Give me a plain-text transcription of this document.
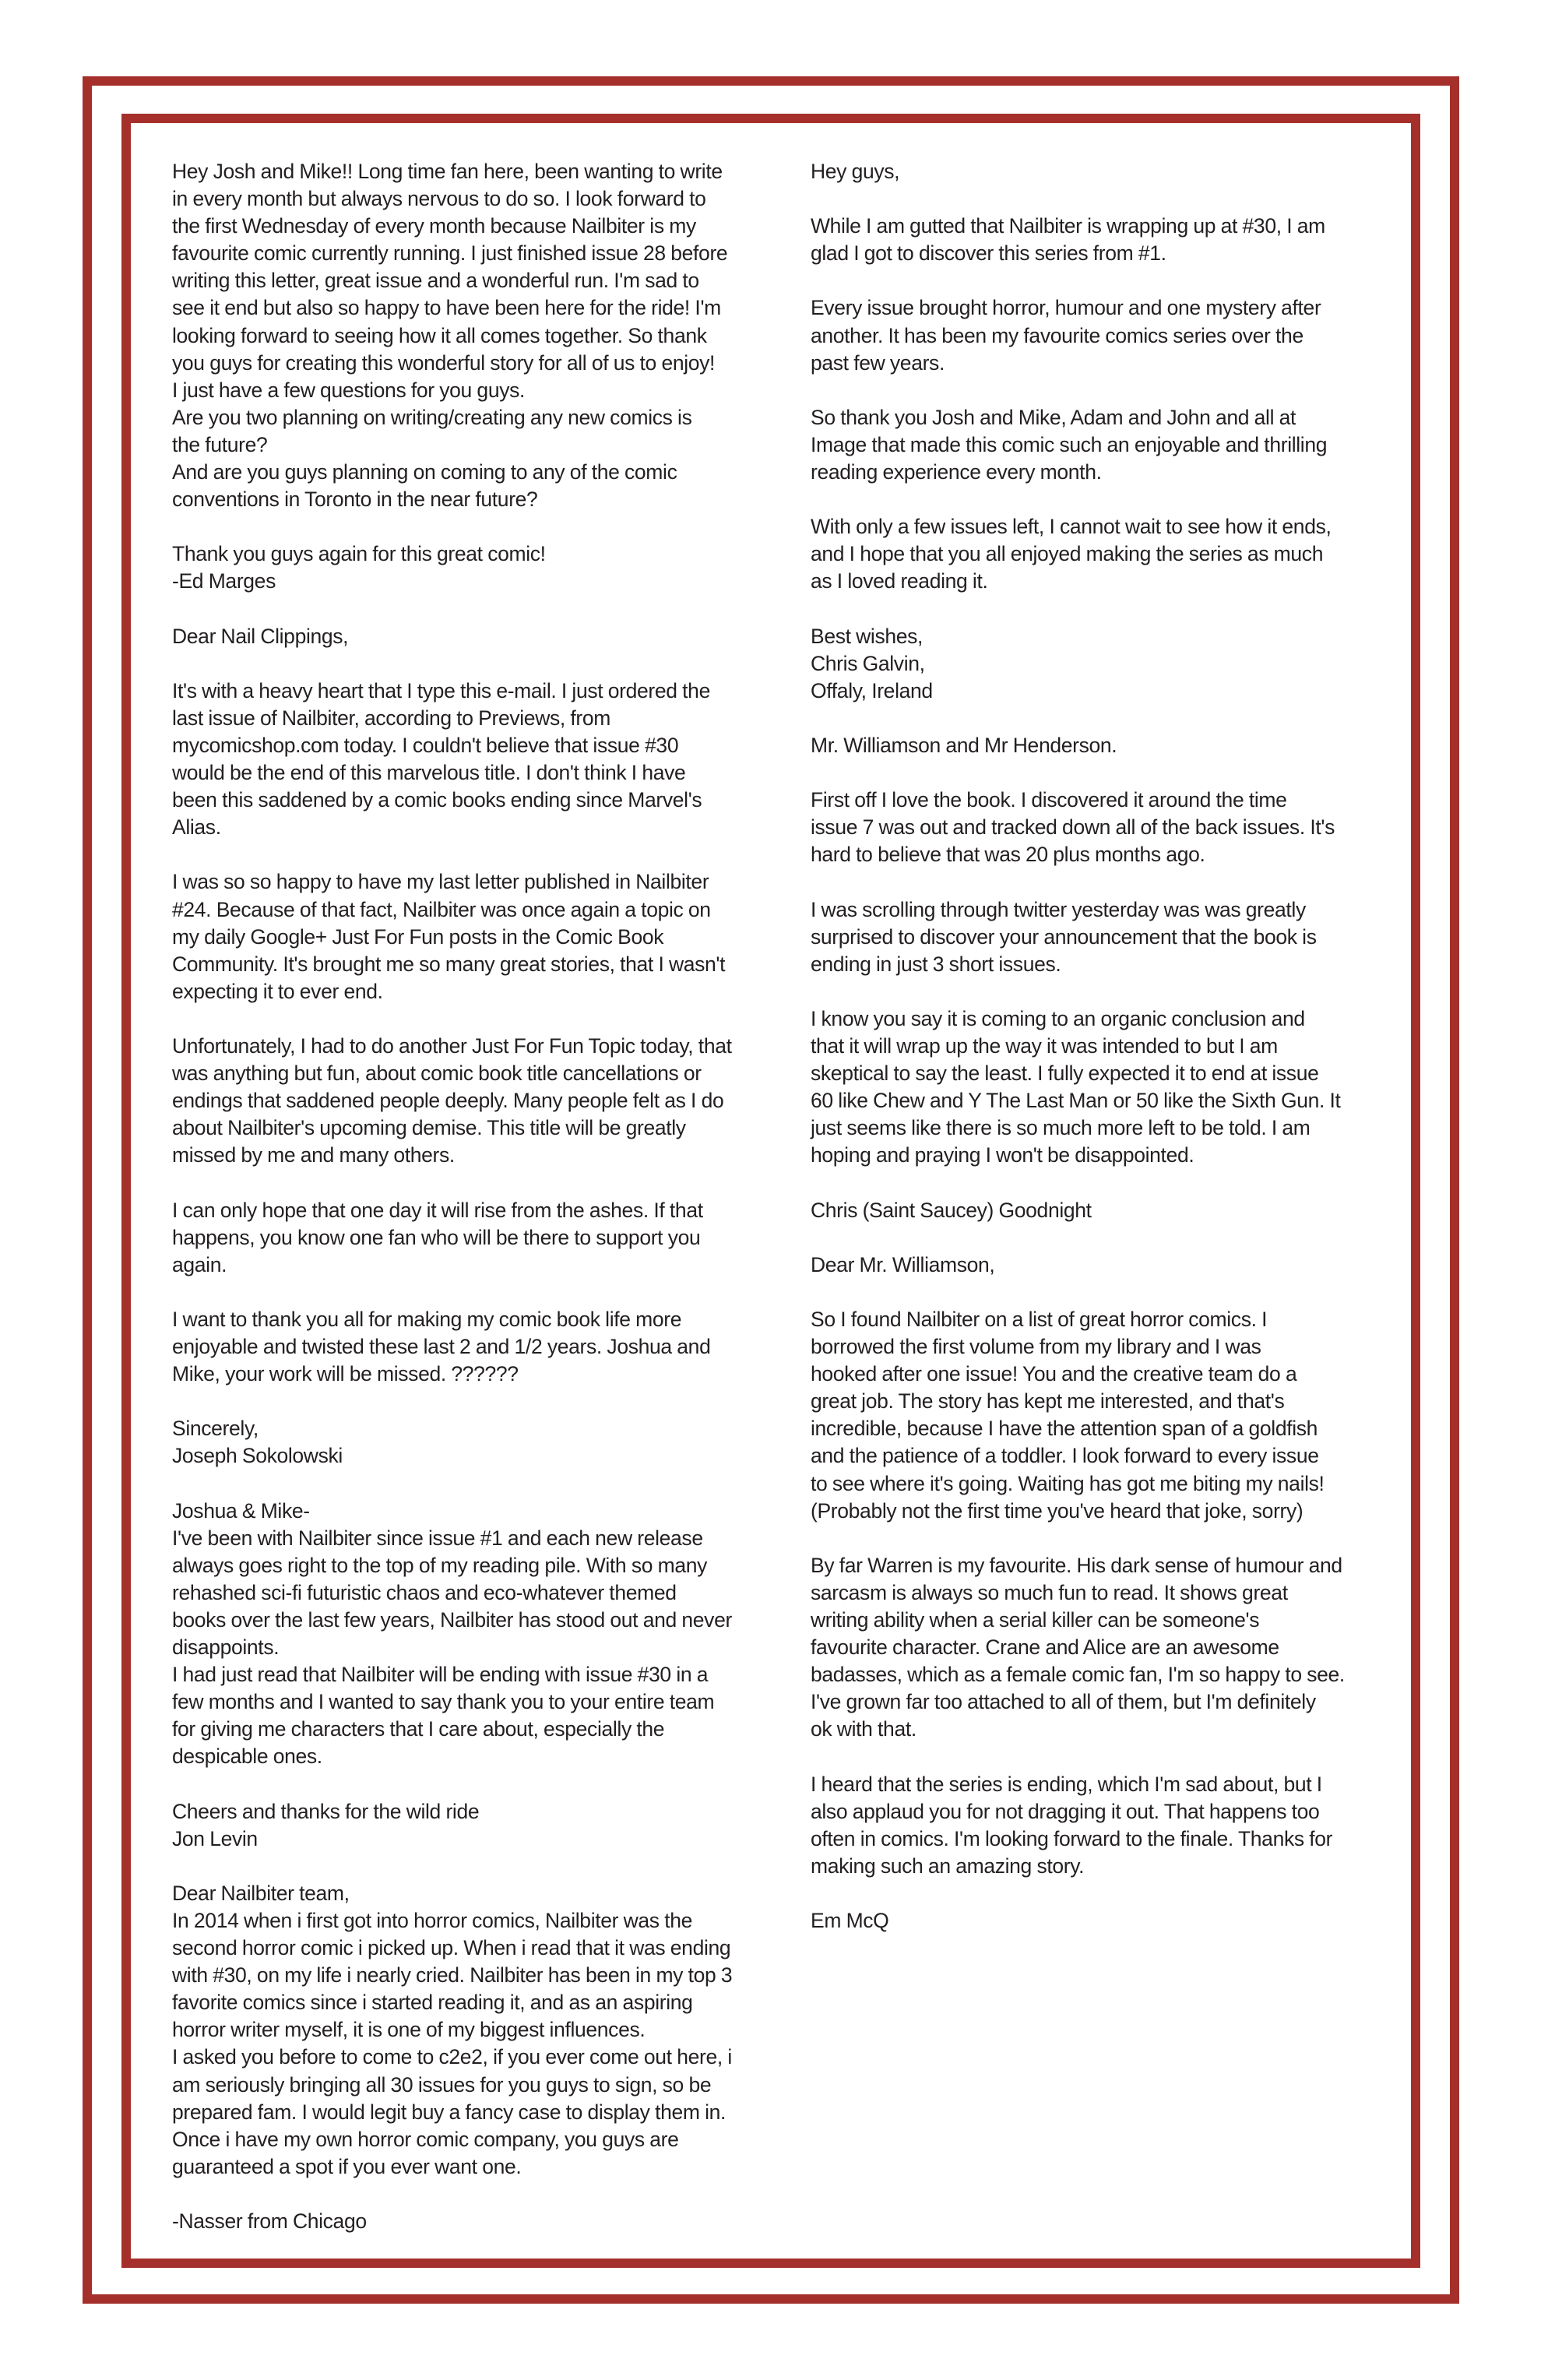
Hey Josh and Mike!! Long time fan here, been wanting to write
in every month but always nervous to do so. I look forward to
the first Wednesday of every month because Nailbiter is my
favourite comic currently running. I just finished issue 28 before
writing this letter, great issue and a wonderful run. I'm sad to
see it end but also so happy to have been here for the ride! I'm
looking forward to seeing how it all comes together. So thank
you guys for creating this wonderful story for all of us to enjoy!
I just have a few questions for you guys.
Are you two planning on writing/creating any new comics is
the future?
And are you guys planning on coming to any of the comic
conventions in Toronto in the near future?

Thank you guys again for this great comic!
-Ed Marges

Dear Nail Clippings,

It's with a heavy heart that I type this e-mail. I just ordered the
last issue of Nailbiter, according to Previews, from
mycomicshop.com today. I couldn't believe that issue #30
would be the end of this marvelous title. I don't think I have
been this saddened by a comic books ending since Marvel's
Alias.

I was so so happy to have my last letter published in Nailbiter
#24. Because of that fact, Nailbiter was once again a topic on
my daily Google+ Just For Fun posts in the Comic Book
Community. It's brought me so many great stories, that I wasn't
expecting it to ever end.

Unfortunately, I had to do another Just For Fun Topic today, that
was anything but fun, about comic book title cancellations or
endings that saddened people deeply. Many people felt as I do
about Nailbiter's upcoming demise. This title will be greatly
missed by me and many others.

I can only hope that one day it will rise from the ashes. If that
happens, you know one fan who will be there to support you
again.

I want to thank you all for making my comic book life more
enjoyable and twisted these last 2 and 1/2 years. Joshua and
Mike, your work will be missed. ??????

Sincerely,
Joseph Sokolowski

Joshua & Mike-
I've been with Nailbiter since issue #1 and each new release
always goes right to the top of my reading pile. With so many
rehashed sci-fi futuristic chaos and eco-whatever themed
books over the last few years, Nailbiter has stood out and never
disappoints.
I had just read that Nailbiter will be ending with issue #30 in a
few months and I wanted to say thank you to your entire team
for giving me characters that I care about, especially the
despicable ones.

Cheers and thanks for the wild ride
Jon Levin

Dear Nailbiter team,
In 2014 when i first got into horror comics, Nailbiter was the
second horror comic i picked up. When i read that it was ending
with #30, on my life i nearly cried. Nailbiter has been in my top 3
favorite comics since i started reading it, and as an aspiring
horror writer myself, it is one of my biggest influences.
I asked you before to come to c2e2, if you ever come out here, i
am seriously bringing all 30 issues for you guys to sign, so be
prepared fam. I would legit buy a fancy case to display them in.
Once i have my own horror comic company, you guys are
guaranteed a spot if you ever want one.

-Nasser from Chicago

Hey guys,

While I am gutted that Nailbiter is wrapping up at #30, I am
glad I got to discover this series from #1.

Every issue brought horror, humour and one mystery after
another. It has been my favourite comics series over the
past few years.

So thank you Josh and Mike, Adam and John and all at
Image that made this comic such an enjoyable and thrilling
reading experience every month.

With only a few issues left, I cannot wait to see how it ends,
and I hope that you all enjoyed making the series as much
as I loved reading it.

Best wishes,
Chris Galvin,
Offaly, Ireland

Mr. Williamson and Mr Henderson.

First off I love the book. I discovered it around the time
issue 7 was out and tracked down all of the back issues. It's
hard to believe that was 20 plus months ago.

I was scrolling through twitter yesterday was was greatly
surprised to discover your announcement that the book is
ending in just 3 short issues.

I know you say it is coming to an organic conclusion and
that it will wrap up the way it was intended to but I am
skeptical to say the least. I fully expected it to end at issue
60 like Chew and Y The Last Man or 50 like the Sixth Gun. It
just seems like there is so much more left to be told. I am
hoping and praying I won't be disappointed.

Chris (Saint Saucey) Goodnight

Dear Mr. Williamson,

So I found Nailbiter on a list of great horror comics. I
borrowed the first volume from my library and I was
hooked after one issue! You and the creative team do a
great job. The story has kept me interested, and that's
incredible, because I have the attention span of a goldfish
and the patience of a toddler. I look forward to every issue
to see where it's going. Waiting has got me biting my nails!
(Probably not the first time you've heard that joke, sorry)

By far Warren is my favourite. His dark sense of humour and
sarcasm is always so much fun to read. It shows great
writing ability when a serial killer can be someone's
favourite character. Crane and Alice are an awesome
badasses, which as a female comic fan, I'm so happy to see.
I've grown far too attached to all of them, but I'm definitely
ok with that.

I heard that the series is ending, which I'm sad about, but I
also applaud you for not dragging it out. That happens too
often in comics. I'm looking forward to the finale. Thanks for
making such an amazing story.

Em McQ
